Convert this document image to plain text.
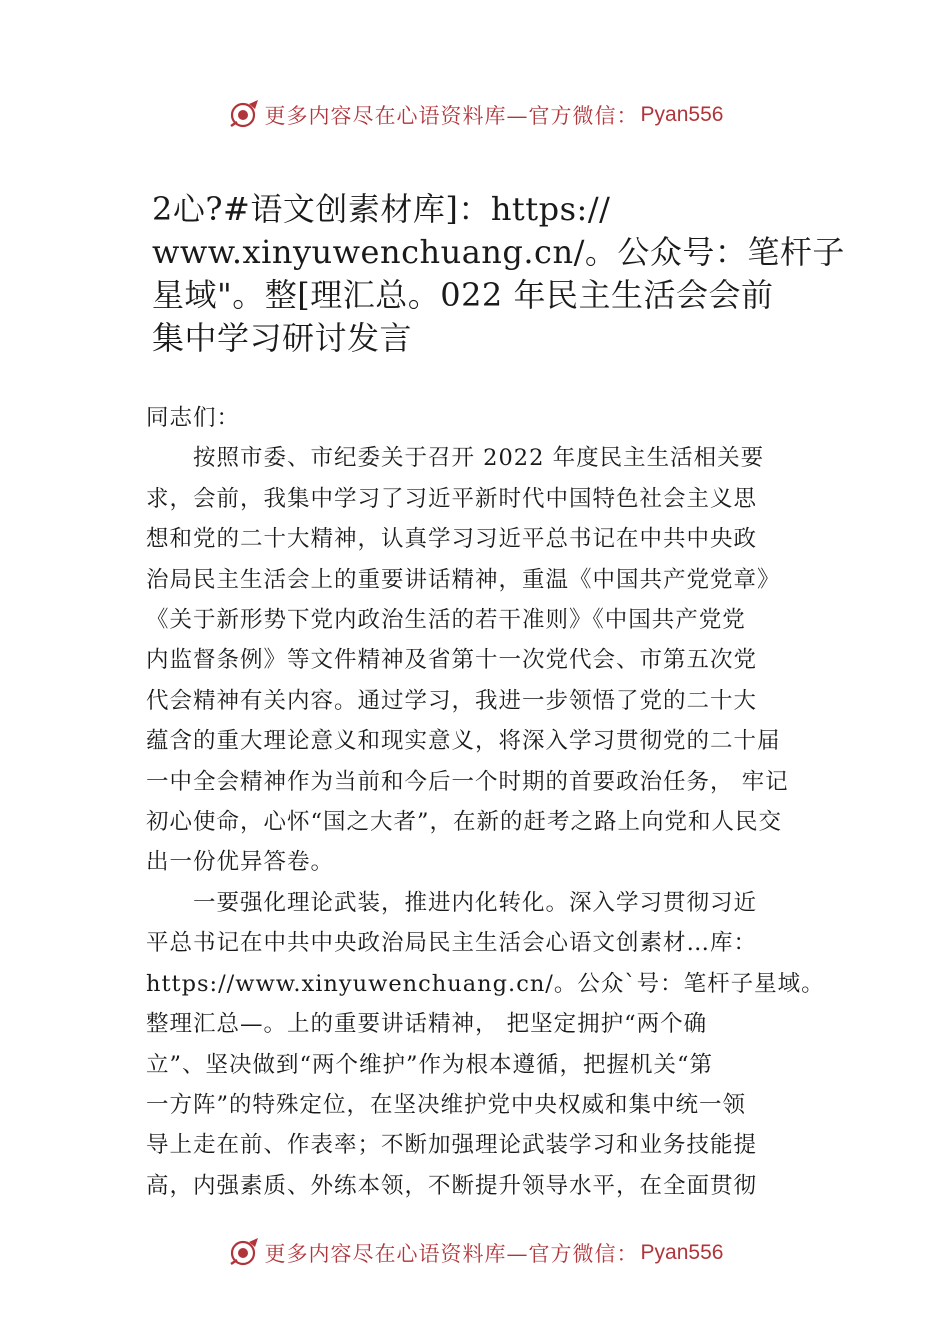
更多内容尽在心语资料库—官方微信： Pyan556
2心?#语文创素材库]：https://
www.xinyuwenchuang.cn/。公众号：笔杆子
星域"。整[理汇总。022 年民主生活会会前
集中学习研讨发言
同志们：
　　按照市委、市纪委关于召开 2022 年度民主生活相关要
求，会前，我集中学习了习近平新时代中国特色社会主义思
想和党的二十大精神，认真学习习近平总书记在中共中央政
治局民主生活会上的重要讲话精神，重温《中国共产党党章》
《关于新形势下党内政治生活的若干准则》《中国共产党党
内监督条例》等文件精神及省第十一次党代会、市第五次党
代会精神有关内容。通过学习，我进一步领悟了党的二十大
蕴含的重大理论意义和现实意义，将深入学习贯彻党的二十届
一中全会精神作为当前和今后一个时期的首要政治任务， 牢记
初心使命，心怀“国之大者”，在新的赶考之路上向党和人民交
出一份优异答卷。
　　一要强化理论武装，推进内化转化。深入学习贯彻习近
平总书记在中共中央政治局民主生活会心语文创素材…库：
https://www.xinyuwenchuang.cn/。公众`号：笔杆子星域。
整理汇总—。上的重要讲话精神， 把坚定拥护“两个确
立”、坚决做到“两个维护”作为根本遵循，把握机关“第
一方阵”的特殊定位，在坚决维护党中央权威和集中统一领
导上走在前、作表率；不断加强理论武装学习和业务技能提
高，内强素质、外练本领，不断提升领导水平，在全面贯彻
更多内容尽在心语资料库—官方微信： Pyan556
